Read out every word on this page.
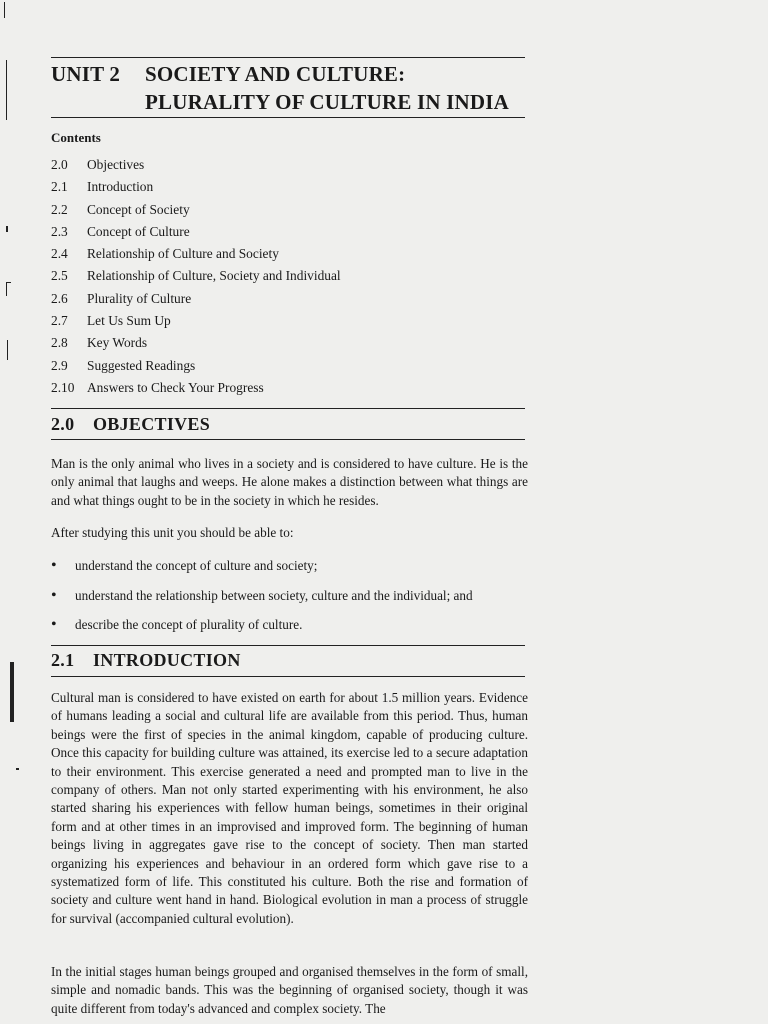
UNIT 2	SOCIETY AND CULTURE:
PLURALITY OF CULTURE IN INDIA
Contents
2.0	Objectives
2.1	Introduction
2.2	Concept of Society
2.3	Concept of Culture
2.4	Relationship of Culture and Society
2.5	Relationship of Culture, Society and Individual
2.6	Plurality of Culture
2.7	Let Us Sum Up
2.8	Key Words
2.9	Suggested Readings
2.10 Answers to Check Your Progress
2.0 OBJECTIVES

Man is the only animal who lives in a society and is considered to have culture. He is the only animal that laughs and weeps. He alone makes a distinction between what things are and what things ought to be in the society in which he resides.

After studying this unit you should be able to:

•	understand the concept of culture and society;
•	understand the relationship between society, culture and the individual; and
•	describe the concept of plurality of culture.
2.1 INTRODUCTION

Cultural man is considered to have existed on earth for about 1.5 million years. Evidence of humans leading a social and cultural life are available from this period. Thus, human beings were the first of species in the animal kingdom, capable of producing culture. Once this capacity for building culture was attained, its exercise led to a secure adaptation to their environment. This exercise generated a need and prompted man to live in the company of others. Man not only started experimenting with his environment, he also started sharing his experiences with fellow human beings, sometimes in their original form and at other times in an improvised and improved form. The beginning of human beings living in aggregates gave rise to the concept of society. Then man started organizing his experiences and behaviour in an ordered form which gave rise to a systematized form of life. This constituted his culture. Both the rise and formation of society and culture went hand in hand. Biological evolution in man a process of struggle for survival (accompanied cultural evolution).

In the initial stages human beings grouped and organised themselves in the form of small, simple and nomadic bands. This was the beginning of organised society, though it was quite different from today's advanced and complex society. The
